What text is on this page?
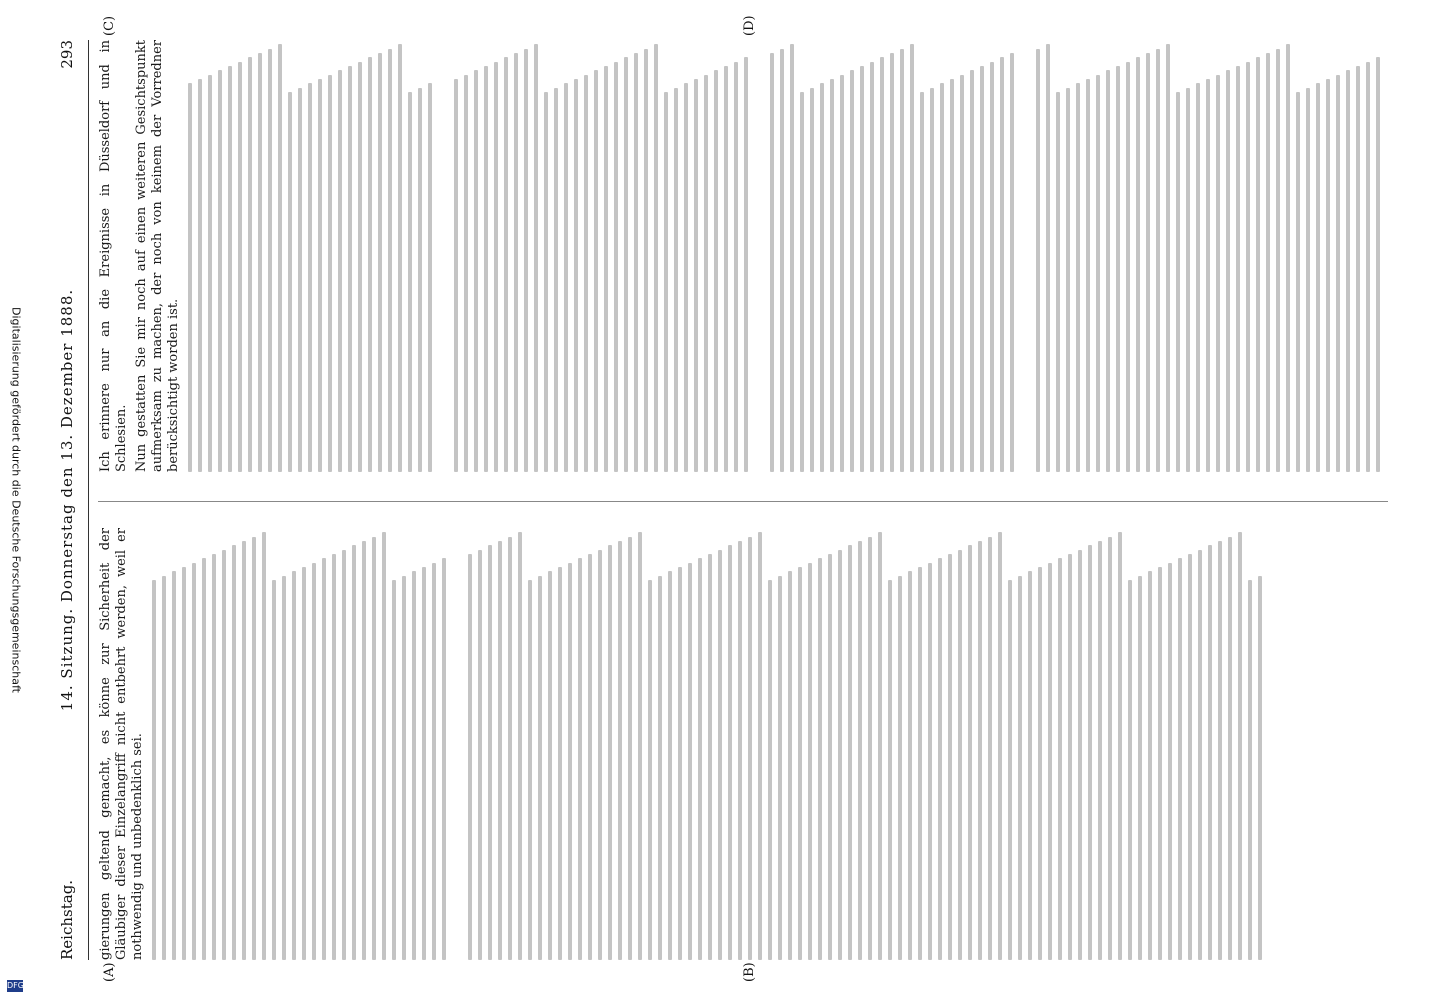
Digitalisierung gefördert durch die Deutsche Forschungsgemeinschaft
DFG
Reichstag.
14. Sitzung. Donnerstag den 13. Dezember 1888.
293
(A)	(B)
(C)	(D)

gierungen geltend gemacht, es könne zur Sicherheit der Gläubiger dieser Einzelangriff nicht entbehrt werden, weil er nothwendig und unbedenklich sei.

Ich erinnere nur an die Ereignisse in Düsseldorf und in Schlesien. Nun gestatten Sie mir noch auf einen weiteren Gesichtspunkt aufmerksam zu machen, der noch von keinem der Vorredner berücksichtigt worden ist.
